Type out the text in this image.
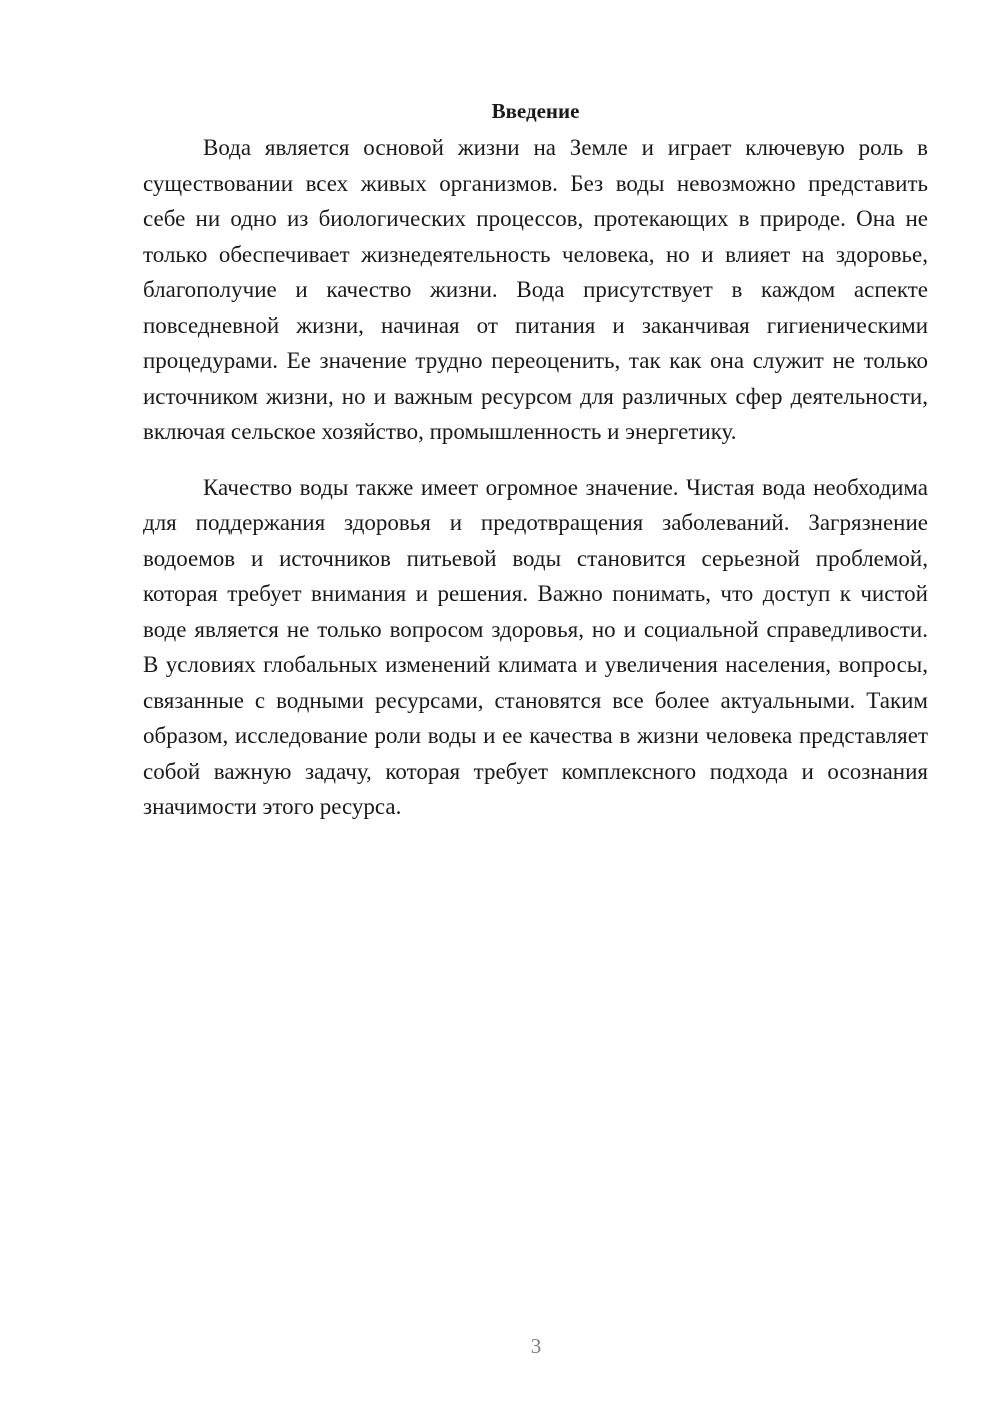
Введение

Вода является основой жизни на Земле и играет ключевую роль в существовании всех живых организмов. Без воды невозможно представить себе ни одно из биологических процессов, протекающих в природе. Она не только обеспечивает жизнедеятельность человека, но и влияет на здоровье, благополучие и качество жизни. Вода присутствует в каждом аспекте повседневной жизни, начиная от питания и заканчивая гигиеническими процедурами. Ее значение трудно переоценить, так как она служит не только источником жизни, но и важным ресурсом для различных сфер деятельности, включая сельское хозяйство, промышленность и энергетику.

Качество воды также имеет огромное значение. Чистая вода необходима для поддержания здоровья и предотвращения заболеваний. Загрязнение водоемов и источников питьевой воды становится серьезной проблемой, которая требует внимания и решения. Важно понимать, что доступ к чистой воде является не только вопросом здоровья, но и социальной справедливости. В условиях глобальных изменений климата и увеличения населения, вопросы, связанные с водными ресурсами, становятся все более актуальными. Таким образом, исследование роли воды и ее качества в жизни человека представляет собой важную задачу, которая требует комплексного подхода и осознания значимости этого ресурса.

3
